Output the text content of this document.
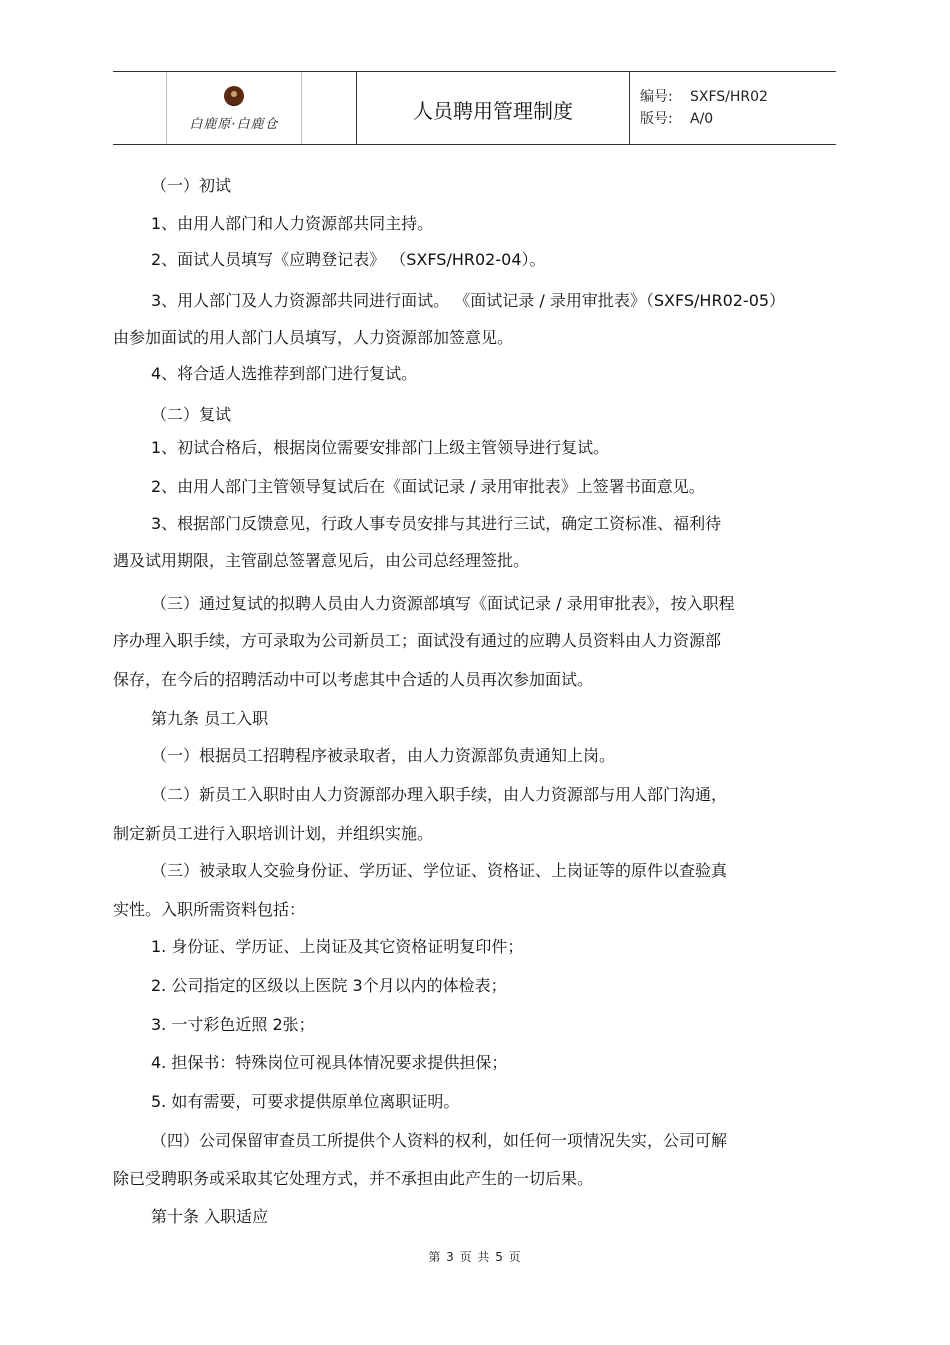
白鹿原·白鹿仓
人员聘用管理制度
编号: SXFS/HR02
版号: A/0

（一）初试

1、由用人部门和人力资源部共同主持。

2、面试人员填写《应聘登记表》 （SXFS/HR02-04）。

3、用人部门及人力资源部共同进行面试。 《面试记录 / 录用审批表》（SXFS/HR02-05）

由参加面试的用人部门人员填写，人力资源部加签意见。

4、将合适人选推荐到部门进行复试。

（二）复试

1、初试合格后，根据岗位需要安排部门上级主管领导进行复试。

2、由用人部门主管领导复试后在《面试记录 / 录用审批表》上签署书面意见。

3、根据部门反馈意见，行政人事专员安排与其进行三试，确定工资标准、福利待

遇及试用期限，主管副总签署意见后，由公司总经理签批。

（三）通过复试的拟聘人员由人力资源部填写《面试记录 / 录用审批表》，按入职程

序办理入职手续，方可录取为公司新员工；面试没有通过的应聘人员资料由人力资源部

保存，在今后的招聘活动中可以考虑其中合适的人员再次参加面试。

第九条 员工入职

（一）根据员工招聘程序被录取者，由人力资源部负责通知上岗。

（二）新员工入职时由人力资源部办理入职手续，由人力资源部与用人部门沟通，

制定新员工进行入职培训计划，并组织实施。

（三）被录取人交验身份证、学历证、学位证、资格证、上岗证等的原件以查验真

实性。入职所需资料包括：

1. 身份证、学历证、上岗证及其它资格证明复印件；

2. 公司指定的区级以上医院 3个月以内的体检表；

3. 一寸彩色近照 2张；

4. 担保书：特殊岗位可视具体情况要求提供担保；

5. 如有需要，可要求提供原单位离职证明。

（四）公司保留审查员工所提供个人资料的权利，如任何一项情况失实，公司可解

除已受聘职务或采取其它处理方式，并不承担由此产生的一切后果。

第十条 入职适应

第 3 页 共 5 页
